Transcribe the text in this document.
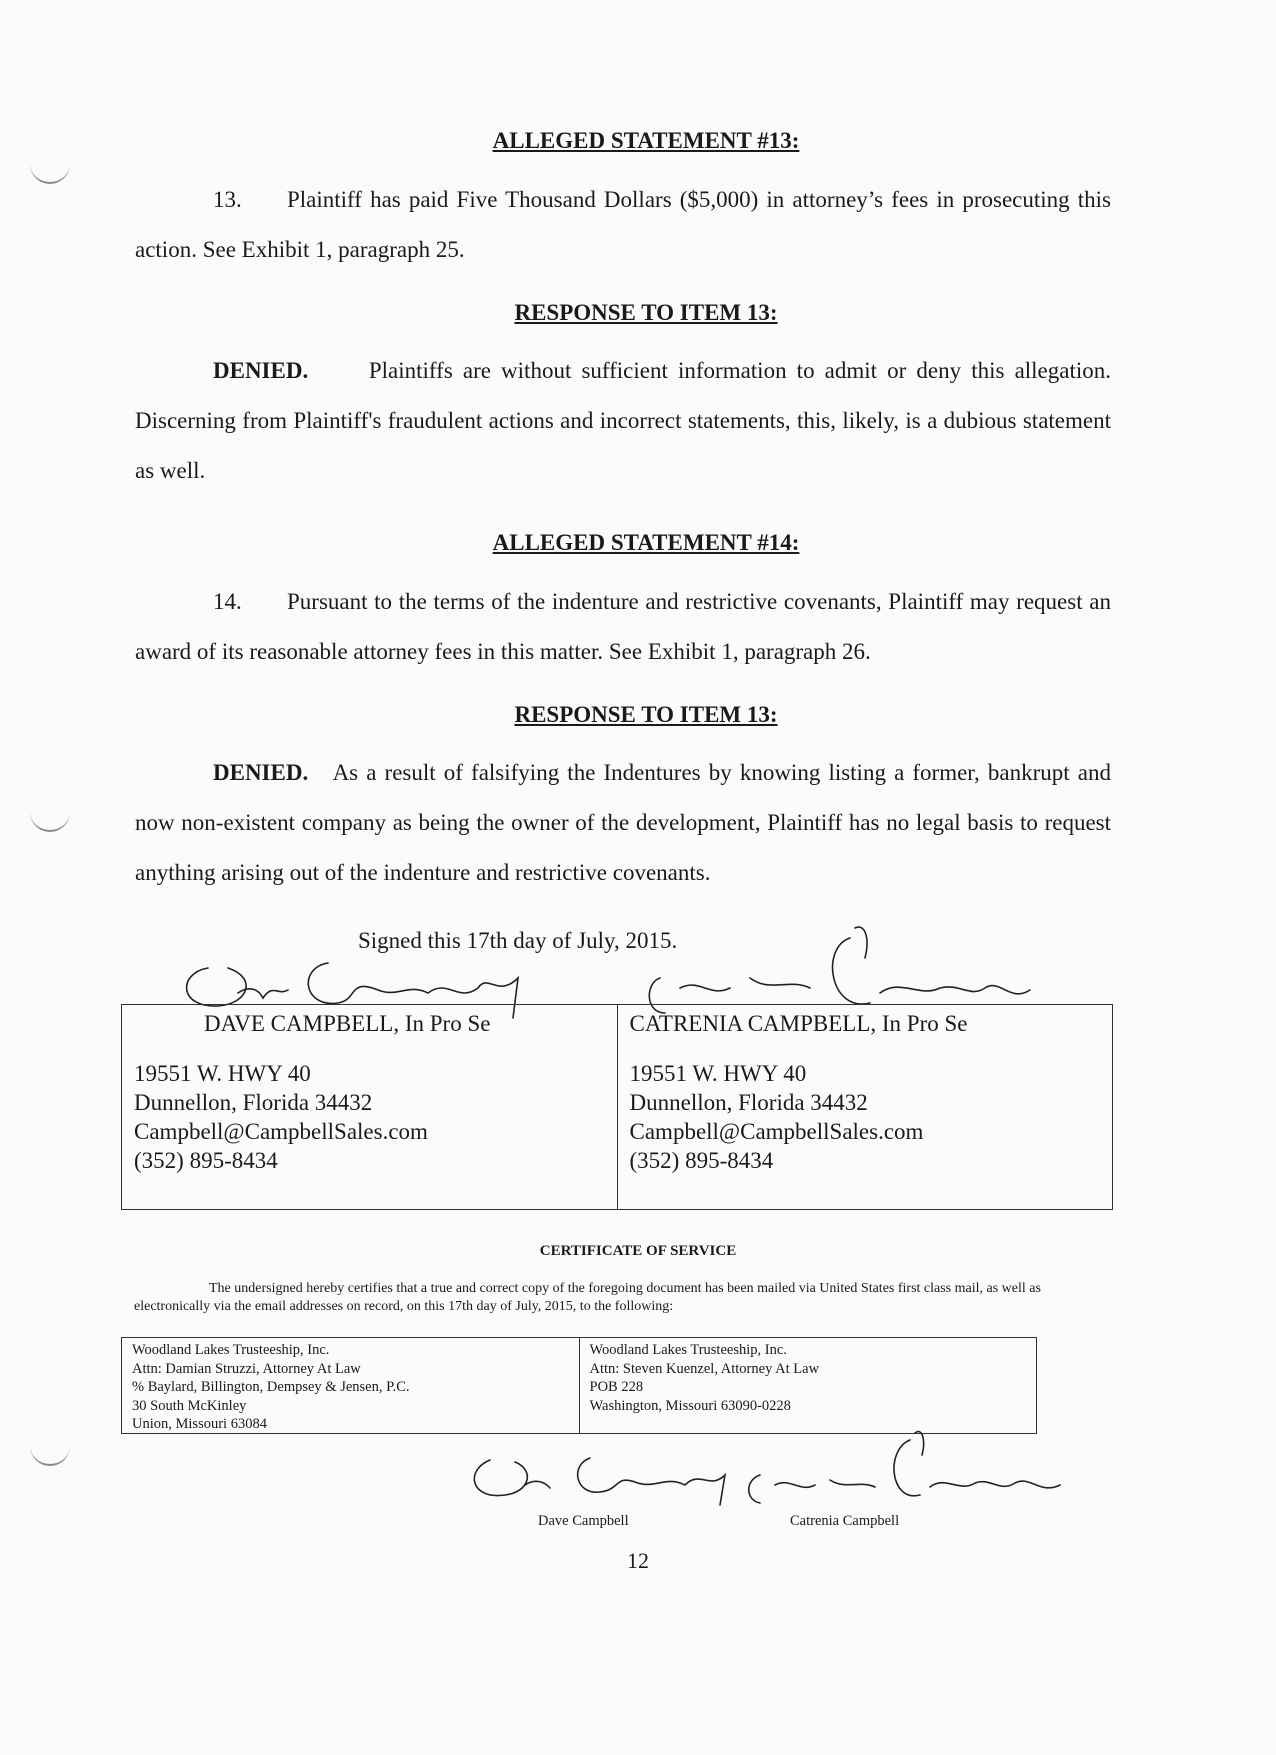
ALLEGED STATEMENT #13:
13. Plaintiff has paid Five Thousand Dollars ($5,000) in attorney’s fees in prosecuting this action. See Exhibit 1, paragraph 25.
RESPONSE TO ITEM 13:
DENIED.	Plaintiffs are without sufficient information to admit or deny this allegation. Discerning from Plaintiff's fraudulent actions and incorrect statements, this, likely, is a dubious statement as well.
ALLEGED STATEMENT #14:
14. Pursuant to the terms of the indenture and restrictive covenants, Plaintiff may request an award of its reasonable attorney fees in this matter. See Exhibit 1, paragraph 26.
RESPONSE TO ITEM 13:
DENIED. As a result of falsifying the Indentures by knowing listing a former, bankrupt and now non-existent company as being the owner of the development, Plaintiff has no legal basis to request anything arising out of the indenture and restrictive covenants.
Signed this 17th day of July, 2015.
DAVE CAMPBELL, In Pro Se
19551 W. HWY 40
Dunnellon, Florida 34432
Campbell@CampbellSales.com
(352) 895-8434
CATRENIA CAMPBELL, In Pro Se
19551 W. HWY 40
Dunnellon, Florida 34432
Campbell@CampbellSales.com
(352) 895-8434
CERTIFICATE OF SERVICE
The undersigned hereby certifies that a true and correct copy of the foregoing document has been mailed via United States first class mail, as well as electronically via the email addresses on record, on this 17th day of July, 2015, to the following:
Woodland Lakes Trusteeship, Inc.
Attn: Damian Struzzi, Attorney At Law
% Baylard, Billington, Dempsey & Jensen, P.C.
30 South McKinley
Union, Missouri 63084
Woodland Lakes Trusteeship, Inc.
Attn: Steven Kuenzel, Attorney At Law
POB 228
Washington, Missouri 63090-0228
Dave Campbell	Catrenia Campbell
12
